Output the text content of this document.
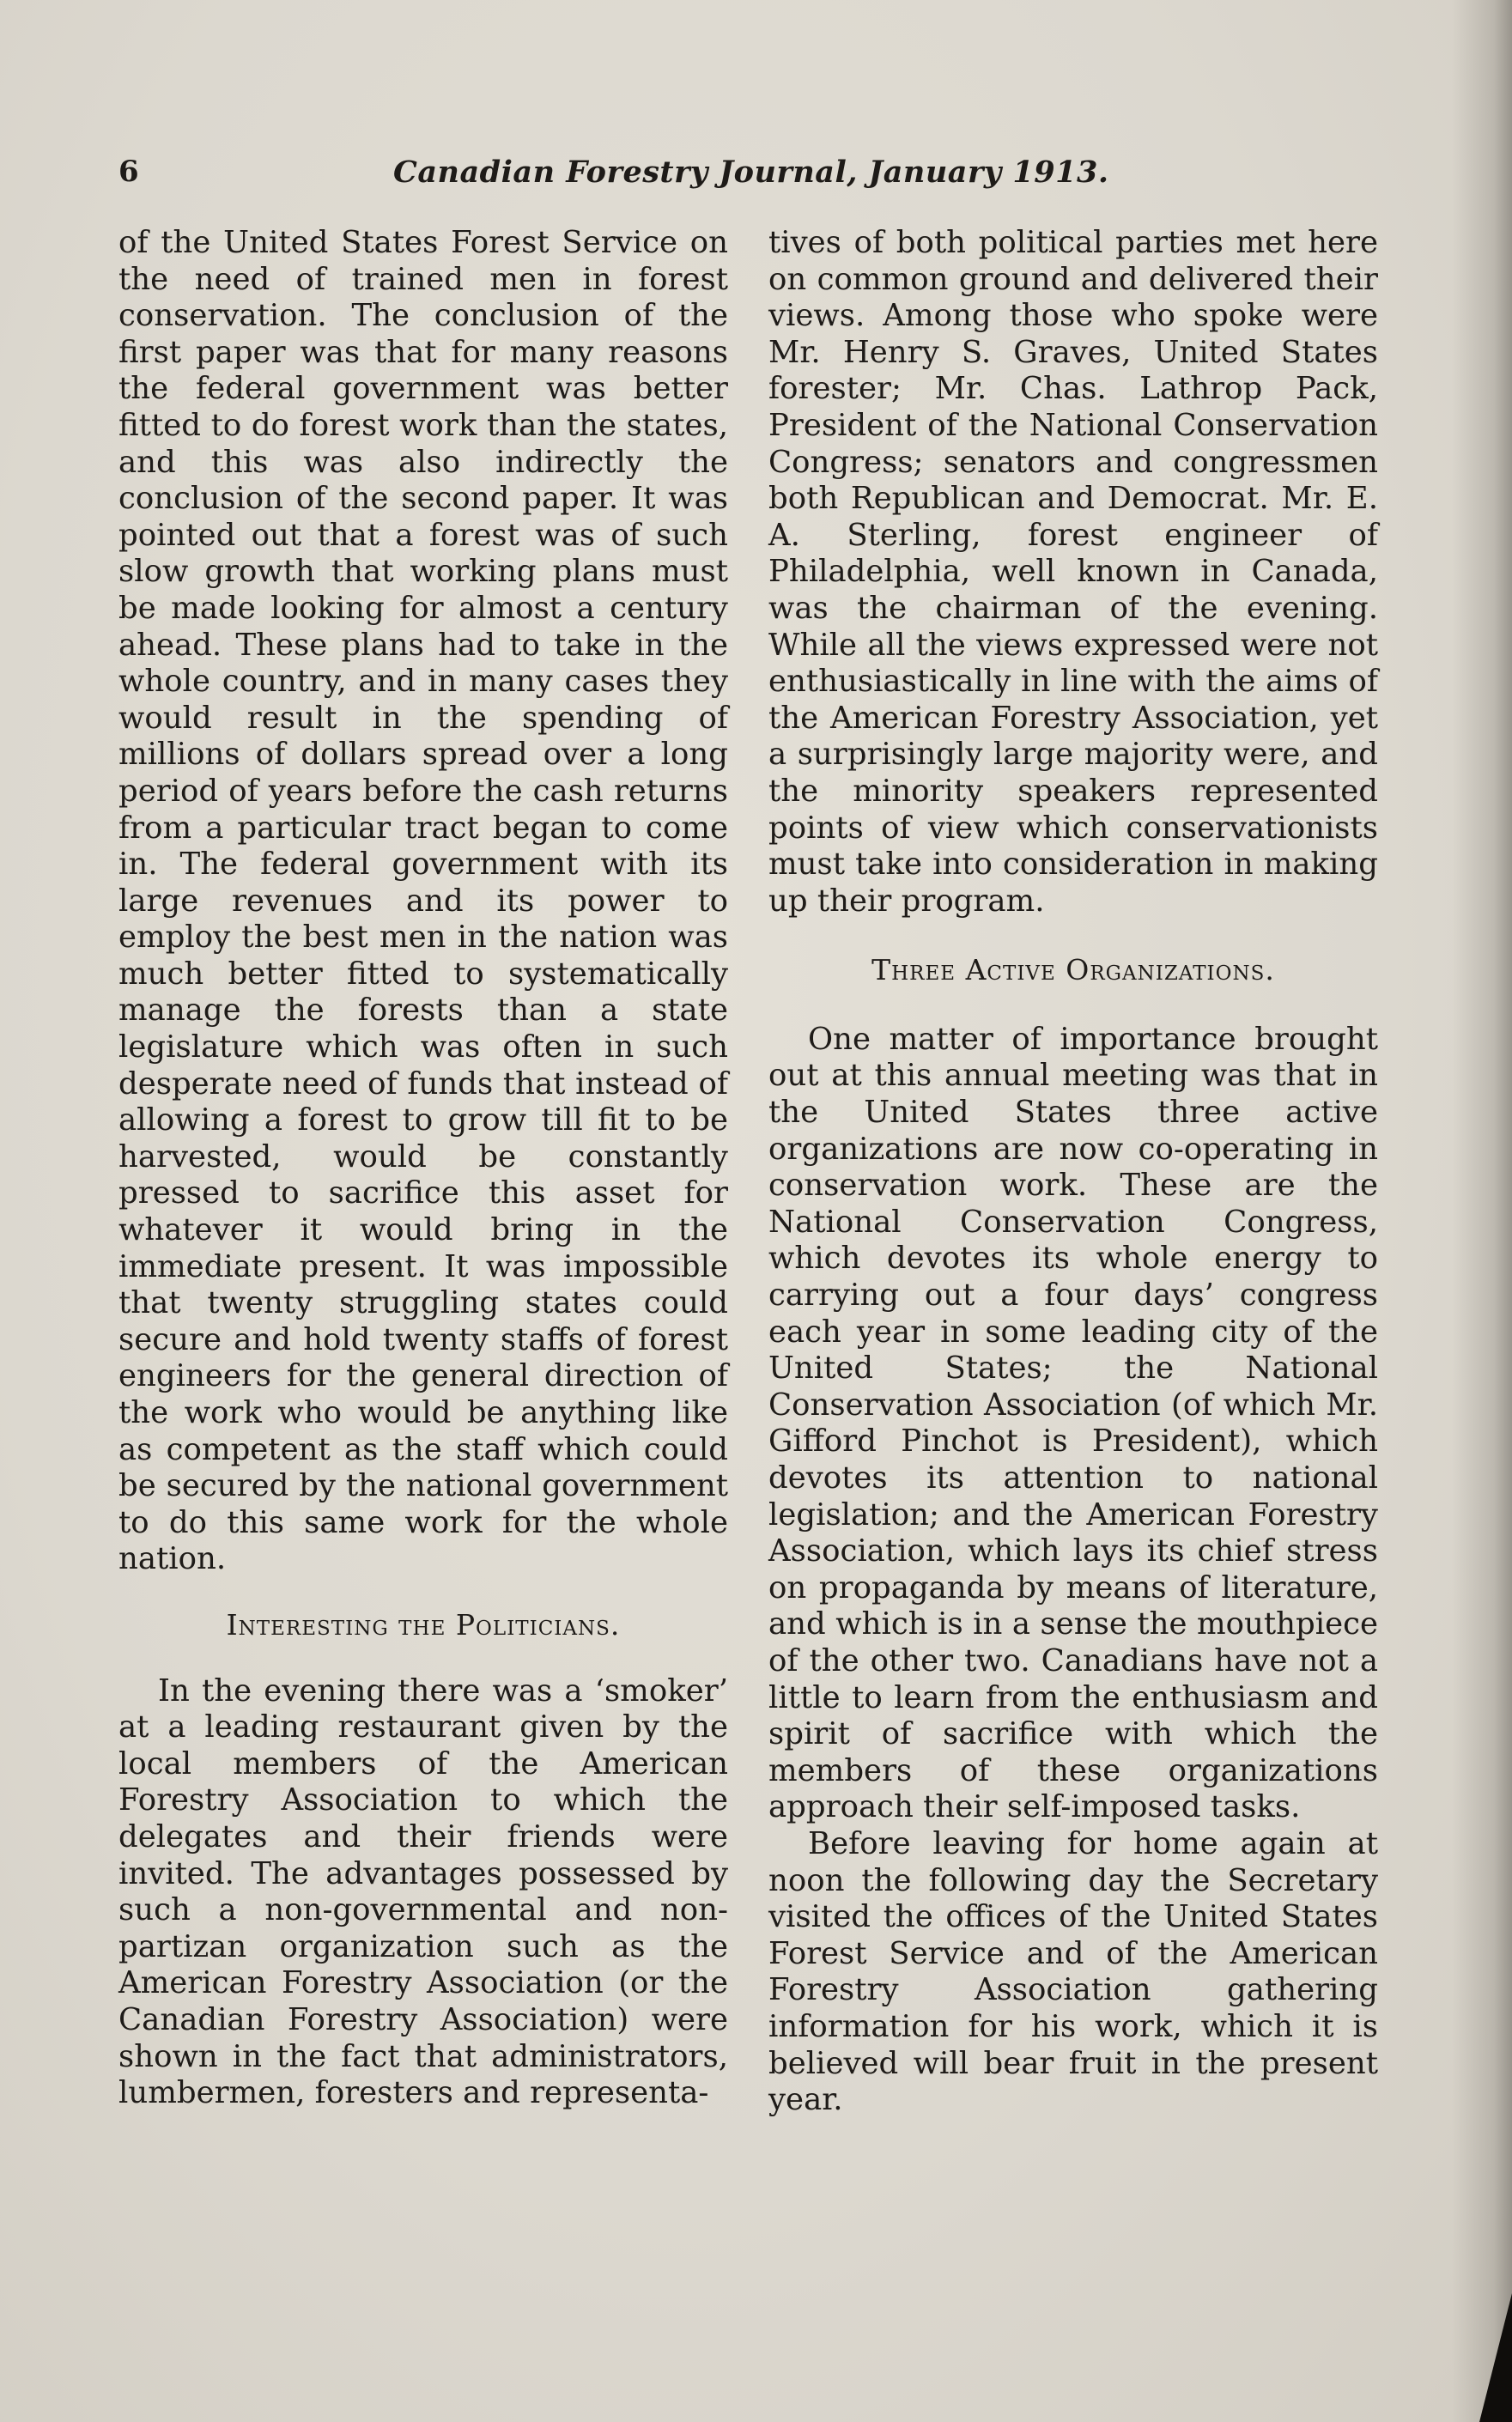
6	Canadian Forestry Journal, January 1913.

of the United States Forest Service on the need of trained men in forest conservation. The conclusion of the first paper was that for many reasons the federal government was better fitted to do forest work than the states, and this was also indirectly the conclusion of the second paper. It was pointed out that a forest was of such slow growth that working plans must be made looking for almost a century ahead. These plans had to take in the whole country, and in many cases they would result in the spending of millions of dollars spread over a long period of years before the cash returns from a particular tract began to come in. The federal government with its large revenues and its power to employ the best men in the nation was much better fitted to systematically manage the forests than a state legislature which was often in such desperate need of funds that instead of allowing a forest to grow till fit to be harvested, would be constantly pressed to sacrifice this asset for whatever it would bring in the immediate present. It was impossible that twenty struggling states could secure and hold twenty staffs of forest engineers for the general direction of the work who would be anything like as competent as the staff which could be secured by the national government to do this same work for the whole nation.

Interesting the Politicians.

In the evening there was a ‘smoker’ at a leading restaurant given by the local members of the American Forestry Association to which the delegates and their friends were invited. The advantages possessed by such a non-governmental and non-partizan organization such as the American Forestry Association (or the Canadian Forestry Association) were shown in the fact that administrators, lumbermen, foresters and representa-

tives of both political parties met here on common ground and delivered their views. Among those who spoke were Mr. Henry S. Graves, United States forester; Mr. Chas. Lathrop Pack, President of the National Conservation Congress; senators and congressmen both Republican and Democrat. Mr. E. A. Sterling, forest engineer of Philadelphia, well known in Canada, was the chairman of the evening. While all the views expressed were not enthusiastically in line with the aims of the American Forestry Association, yet a surprisingly large majority were, and the minority speakers represented points of view which conservationists must take into consideration in making up their program.

Three Active Organizations.

One matter of importance brought out at this annual meeting was that in the United States three active organizations are now co-operating in conservation work. These are the National Conservation Congress, which devotes its whole energy to carrying out a four days’ congress each year in some leading city of the United States; the National Conservation Association (of which Mr. Gifford Pinchot is President), which devotes its attention to national legislation; and the American Forestry Association, which lays its chief stress on propaganda by means of literature, and which is in a sense the mouthpiece of the other two. Canadians have not a little to learn from the enthusiasm and spirit of sacrifice with which the members of these organizations approach their self-imposed tasks.

Before leaving for home again at noon the following day the Secretary visited the offices of the United States Forest Service and of the American Forestry Association gathering information for his work, which it is believed will bear fruit in the present year.
